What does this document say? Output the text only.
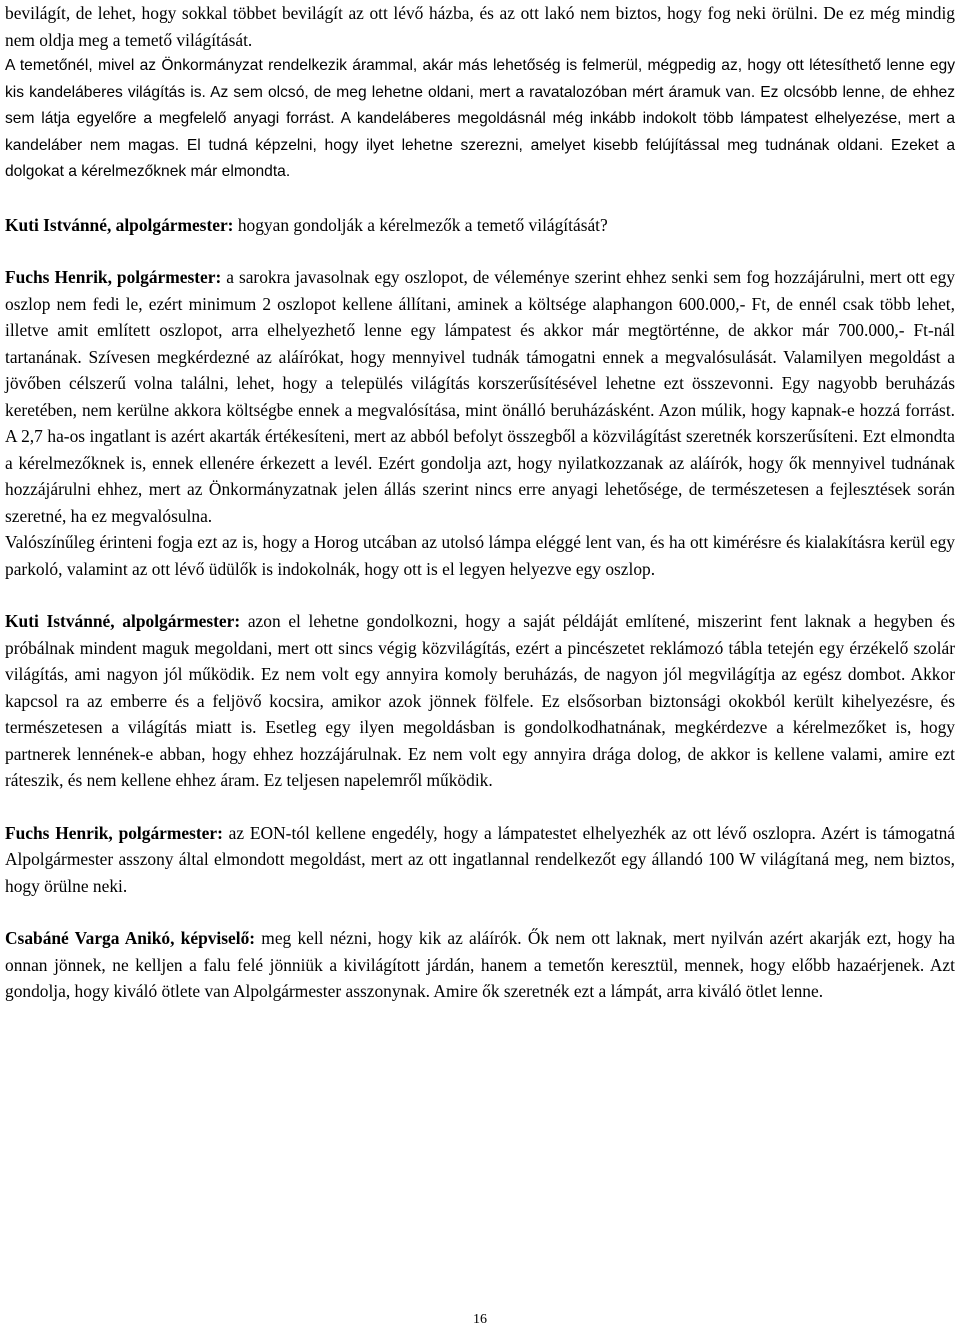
bevilágít, de lehet, hogy sokkal többet bevilágít az ott lévő házba, és az ott lakó nem biztos, hogy fog neki örülni. De ez még mindig nem oldja meg a temető világítását.

A temetőnél, mivel az Önkormányzat rendelkezik árammal, akár más lehetőség is felmerül, mégpedig az, hogy ott létesíthető lenne egy kis kandeláberes világítás is. Az sem olcsó, de meg lehetne oldani, mert a ravatalozóban mért áramuk van. Ez olcsóbb lenne, de ehhez sem látja egyelőre a megfelelő anyagi forrást. A kandeláberes megoldásnál még inkább indokolt több lámpatest elhelyezése, mert a kandeláber nem magas. El tudná képzelni, hogy ilyet lehetne szerezni, amelyet kisebb felújítással meg tudnának oldani. Ezeket a dolgokat a kérelmezőknek már elmondta.

Kuti Istvánné, alpolgármester: hogyan gondolják a kérelmezők a temető világítását?

Fuchs Henrik, polgármester: a sarokra javasolnak egy oszlopot, de véleménye szerint ehhez senki sem fog hozzájárulni, mert ott egy oszlop nem fedi le, ezért minimum 2 oszlopot kellene állítani, aminek a költsége alaphangon 600.000,- Ft, de ennél csak több lehet, illetve amit említett oszlopot, arra elhelyezhető lenne egy lámpatest és akkor már megtörténne, de akkor már 700.000,- Ft-nál tartanának. Szívesen megkérdezné az aláírókat, hogy mennyivel tudnák támogatni ennek a megvalósulását. Valamilyen megoldást a jövőben célszerű volna találni, lehet, hogy a település világítás korszerűsítésével lehetne ezt összevonni. Egy nagyobb beruházás keretében, nem kerülne akkora költségbe ennek a megvalósítása, mint önálló beruházásként. Azon múlik, hogy kapnak-e hozzá forrást. A 2,7 ha-os ingatlant is azért akarták értékesíteni, mert az abból befolyt összegből a közvilágítást szeretnék korszerűsíteni. Ezt elmondta a kérelmezőknek is, ennek ellenére érkezett a levél. Ezért gondolja azt, hogy nyilatkozzanak az aláírók, hogy ők mennyivel tudnának hozzájárulni ehhez, mert az Önkormányzatnak jelen állás szerint nincs erre anyagi lehetősége, de természetesen a fejlesztések során szeretné, ha ez megvalósulna.

Valószínűleg érinteni fogja ezt az is, hogy a Horog utcában az utolsó lámpa eléggé lent van, és ha ott kimérésre és kialakításra kerül egy parkoló, valamint az ott lévő üdülők is indokolnák, hogy ott is el legyen helyezve egy oszlop.

Kuti Istvánné, alpolgármester: azon el lehetne gondolkozni, hogy a saját példáját említené, miszerint fent laknak a hegyben és próbálnak mindent maguk megoldani, mert ott sincs végig közvilágítás, ezért a pincészetet reklámozó tábla tetején egy érzékelő szolár világítás, ami nagyon jól működik. Ez nem volt egy annyira komoly beruházás, de nagyon jól megvilágítja az egész dombot. Akkor kapcsol ra az emberre és a feljövő kocsira, amikor azok jönnek fölfele. Ez elsősorban biztonsági okokból került kihelyezésre, és természetesen a világítás miatt is. Esetleg egy ilyen megoldásban is gondolkodhatnának, megkérdezve a kérelmezőket is, hogy partnerek lennének-e abban, hogy ehhez hozzájárulnak. Ez nem volt egy annyira drága dolog, de akkor is kellene valami, amire ezt ráteszik, és nem kellene ehhez áram. Ez teljesen napelemről működik.

Fuchs Henrik, polgármester: az EON-tól kellene engedély, hogy a lámpatestet elhelyezhék az ott lévő oszlopra. Azért is támogatná Alpolgármester asszony által elmondott megoldást, mert az ott ingatlannal rendelkezőt egy állandó 100 W világítaná meg, nem biztos, hogy örülne neki.

Csabáné Varga Anikó, képviselő: meg kell nézni, hogy kik az aláírók. Ők nem ott laknak, mert nyilván azért akarják ezt, hogy ha onnan jönnek, ne kelljen a falu felé jönniük a kivilágított járdán, hanem a temetőn keresztül, mennek, hogy előbb hazaérjenek. Azt gondolja, hogy kiváló ötlete van Alpolgármester asszonynak. Amire ők szeretnék ezt a lámpát, arra kiváló ötlet lenne.

16
